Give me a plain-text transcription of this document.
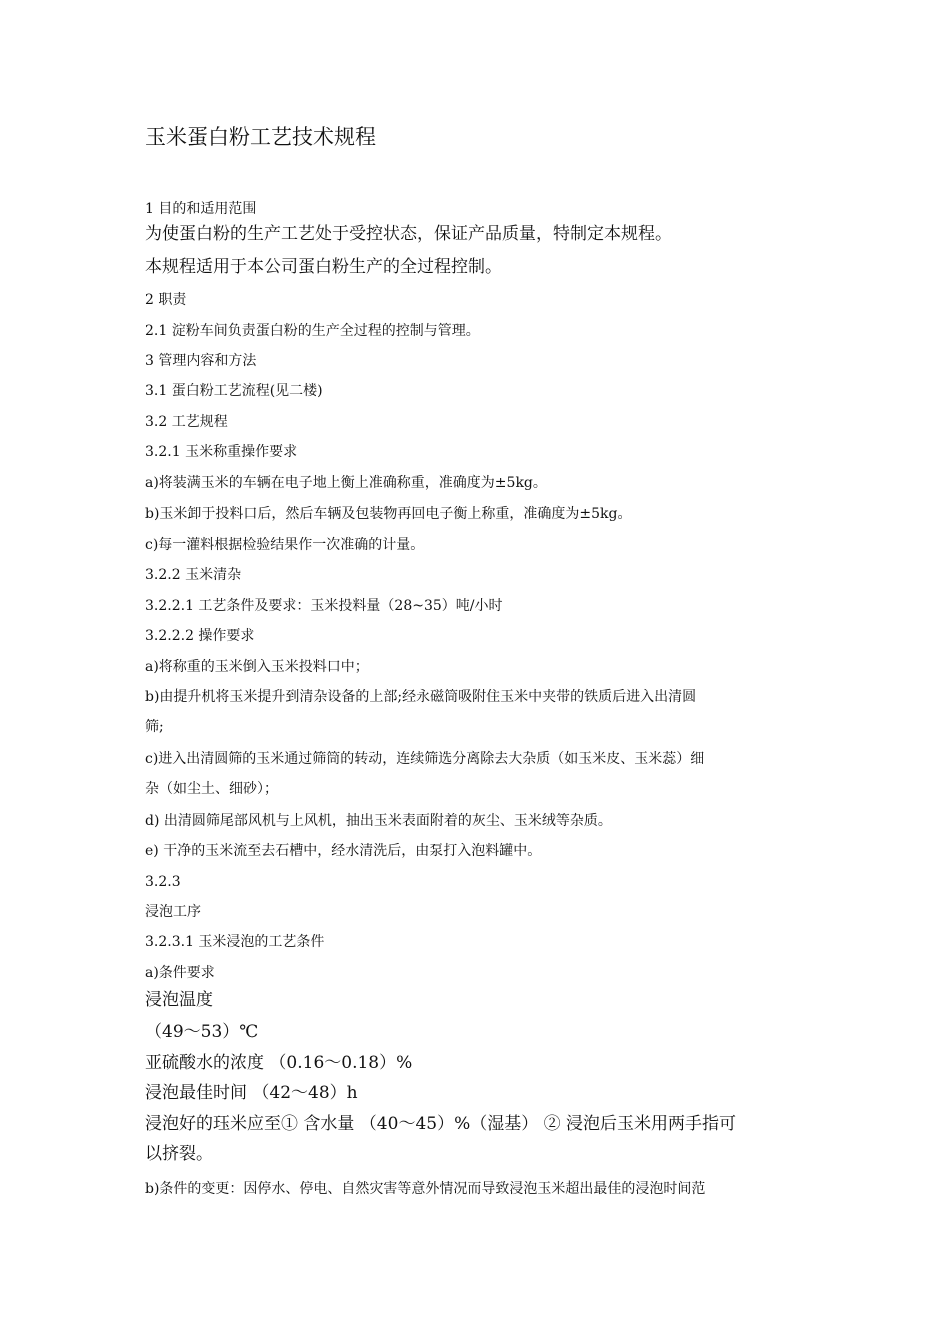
玉米蛋白粉工艺技术规程
1 目的和适用范围
为使蛋白粉的生产工艺处于受控状态，保证产品质量，特制定本规程。
本规程适用于本公司蛋白粉生产的全过程控制。
2 职责
2.1 淀粉车间负责蛋白粉的生产全过程的控制与管理。
3 管理内容和方法
3.1 蛋白粉工艺流程(见二楼)
3.2 工艺规程
3.2.1 玉米称重操作要求
a)将装满玉米的车辆在电子地上衡上准确称重，准确度为±5kg。
b)玉米卸于投料口后，然后车辆及包装物再回电子衡上称重，准确度为±5kg。
c)每一灌料根据检验结果作一次准确的计量。
3.2.2 玉米清杂
3.2.2.1 工艺条件及要求：玉米投料量（28~35）吨/小时
3.2.2.2 操作要求
a)将称重的玉米倒入玉米投料口中；
b)由提升机将玉米提升到清杂设备的上部;经永磁筒吸附住玉米中夹带的铁质后进入出清圆
筛;
c)进入出清圆筛的玉米通过筛筒的转动，连续筛选分离除去大杂质（如玉米皮、玉米蕊）细
杂（如尘土、细砂）；
d) 出清圆筛尾部风机与上风机，抽出玉米表面附着的灰尘、玉米绒等杂质。
e) 干净的玉米流至去石槽中，经水清洗后，由泵打入泡料罐中。
3.2.3
浸泡工序
3.2.3.1 玉米浸泡的工艺条件
a)条件要求
浸泡温度
（49～53）℃
亚硫酸水的浓度 （0.16～0.18）%
浸泡最佳时间 （42～48）h
浸泡好的珏米应至① 含水量 （40～45）%（湿基） ② 浸泡后玉米用两手指可
以挤裂。
b)条件的变更：因停水、停电、自然灾害等意外情况而导致浸泡玉米超出最佳的浸泡时间范
